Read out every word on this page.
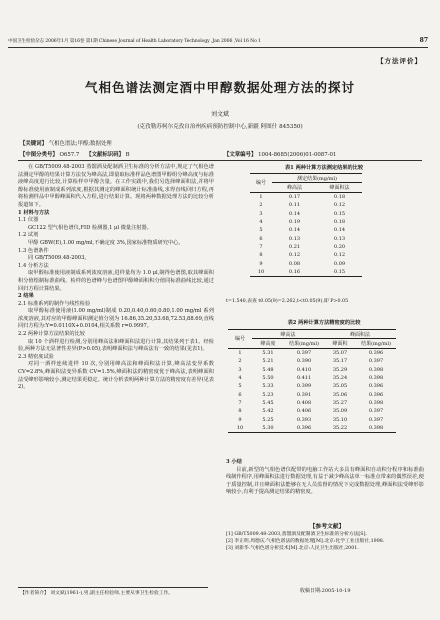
中国卫生检验杂志 2006年1月 第16卷 第1期 Chinese Journal of Health Laboratory Technology ,Jan 2006 ,Vol 16 No 1	87
【方法评价】
气相色谱法测定酒中甲醇数据处理方法的探讨
刘文斌
(克孜勒苏柯尔克孜自治州疾病预防控制中心,新疆 阿图什 845350)
【关键词】 气相色谱法;甲醇;数据处理
【中图分类号】 O657.7 【文献标识码】 B	【文章编号】 1004-8685(2006)01-0087-01

在 GB/T5009.48-2003 蒸馏酒及配制酒卫生标准的分析方法中,规定了气相色谱法测定甲醇的结果计算方法仅为峰高法,即量取标准样品色谱图甲醇组分峰高度与标准液峰高度进行比较,计算检样中甲醇含量。在工作实践中,我们另选择峰面积法,并将甲醇标准使用液制成系列浓度,根据其测定的峰面积统计标准曲线,求得直线回归方程,再将检测样品中甲醇峰面积代入方程,进行结果计算。现将两种数据处理方法的比较分析报道如下。

1 材料与方法

1.1 仪器

GC122 型气相色谱仪,FID 检测器,1 μl 微量注射器。

1.2 试剂

甲醇 GBW(E),1.00 mg/ml,不确定度 3%,国家标准物质研究中心。

1.3 色谱条件

同 GB/T5009.48-2003。

1.4 分析方法

取甲醇标准使用液制成系列浓度溶液,进样量均为 1.0 μl,制得色谱图,取其峰面积积分值绘制标准曲线。检样的色谱峰与色谱图甲醇峰面积积分值同标准曲线比较,通过回归方程计算结果。

2 结果

2.1 标准系列的制作与线性检验

取甲醇标准使用液(1.00 mg/ml)制成 0.20,0.40,0.60,0.80,1.00 mg/ml 系列浓度溶液,其对应的甲醇峰面积测定值分别为 16.86,35.20,53.68,72.53,88.69,直线回归方程为:Y=0.0110X+0.0104,相关系数 r=0.9997。

2.2 两种计算方法结果的比较

取 10 个酒样进行检测,分别用峰高法和峰面积法进行计算,其结果列于表1。经检验,两种方法无显著性差异(P>0.05),表明峰面积法与峰高法有一致的结果(见表1)。

2.3 精密度试验

对同一酒样连续进样 10 次,分别用峰高法和峰面积法计算,峰高法变异系数 CV=2.8%,峰面积法变异系数 CV=1.5%,峰面积法的精密度优于峰高法,表明峰面积法受峰形影响较小,测定结果更稳定。统计分析表明两种计算方法的精密度有差异(见表2)。

【作者简介】 刘文斌(1961-),男,副主任检验师,主要从事卫生检验工作。
表1 两种计算方法测定结果的比较
编号	测定结果(mg/ml)	
	峰高法	峰面积法
1	0.17	0.18
2	0.11	0.12
3	0.14	0.15
4	0.19	0.18
5	0.14	0.14
6	0.13	0.13
7	0.21	0.20
8	0.12	0.12
9	0.08	0.09
10	0.16	0.15
t=1.540,表查 t0.05(9)=2.262,t<t0.05(9),即 P>0.05
表2 两种计算方法精密度的比较
编号	峰高法		峰面积法	
	峰高度	结果(mg/ml)	峰面积	结果(mg/ml)
1	5.31	0.397	35.07	0.396
2	5.21	0.390	35.17	0.397
3	5.48	0.410	35.29	0.398
4	5.50	0.411	35.24	0.398
5	5.33	0.399	35.05	0.396
6	5.23	0.391	35.06	0.396
7	5.45	0.408	35.27	0.398
8	5.42	0.406	35.09	0.397
9	5.25	0.393	35.10	0.397
10	5.30	0.396	35.22	0.398

3 小结

目前,新型的气相色谱仪配带的电脑工作站大多具有峰面积自动积分程序和标准曲线制作程序,用峰面积法进行数据处理,有益于减少峰高法单一标准点带来的偶然误差,便于质量控制,并且峰面积法能够在无人员监督的情况下完成数据处理,峰面积法受峰形影响较小,有利于提高测定结果的精密度。

【参考文献】
[1] GB/T5009.48-2003,蒸馏酒及配制酒卫生标准的分析方法[S].
[2] 李正明,周德庆.气相色谱法的数据处理[M].北京:化学工业出版社,1998.
[3] 刘新华.气相色谱分析技术[M].北京:人民卫生出版社,2001.
收稿日期:2005-10-19
